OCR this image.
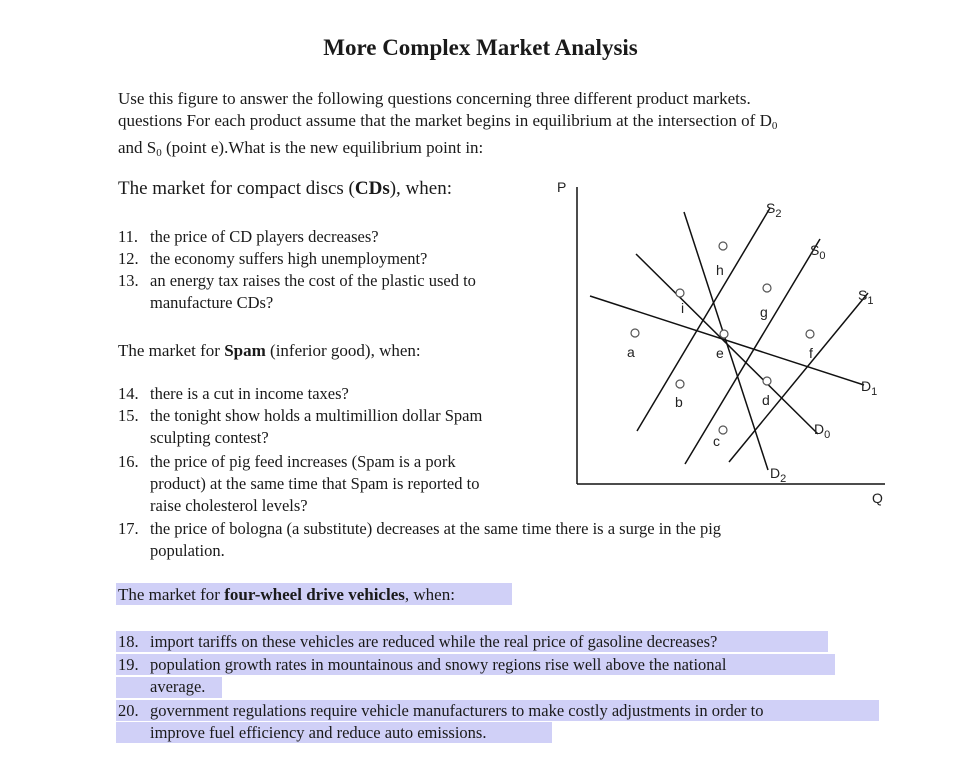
More Complex Market Analysis
Use this figure to answer the following questions concerning three different product markets.
questions For each product assume that the market begins in equilibrium at the intersection of $D_0$
and $S_0$ (point e).What is the new equilibrium point in:
The market for compact discs (CDs), when:
11. the price of CD players decreases?
12. the economy suffers high unemployment?
13. an energy tax raises the cost of the plastic used to
manufacture CDs?
The market for Spam (inferior good), when:
14. there is a cut in income taxes?
15. the tonight show holds a multimillion dollar Spam
sculpting contest?
16. the price of pig feed increases (Spam is a pork
product) at the same time that Spam is reported to
raise cholesterol levels?
17. the price of bologna (a substitute) decreases at the same time there is a surge in the pig
population.
The market for four-wheel drive vehicles, when:
18. import tariffs on these vehicles are reduced while the real price of gasoline decreases?
19. population growth rates in mountainous and snowy regions rise well above the national
average.
20. government regulations require vehicle manufacturers to make costly adjustments in order to
improve fuel efficiency and reduce auto emissions.
P
Q
a
b
c
d
e	f
g
h
i
$S_2$
$S_0$
$S_1$
$D_1$
$D_0$
$D_2$
